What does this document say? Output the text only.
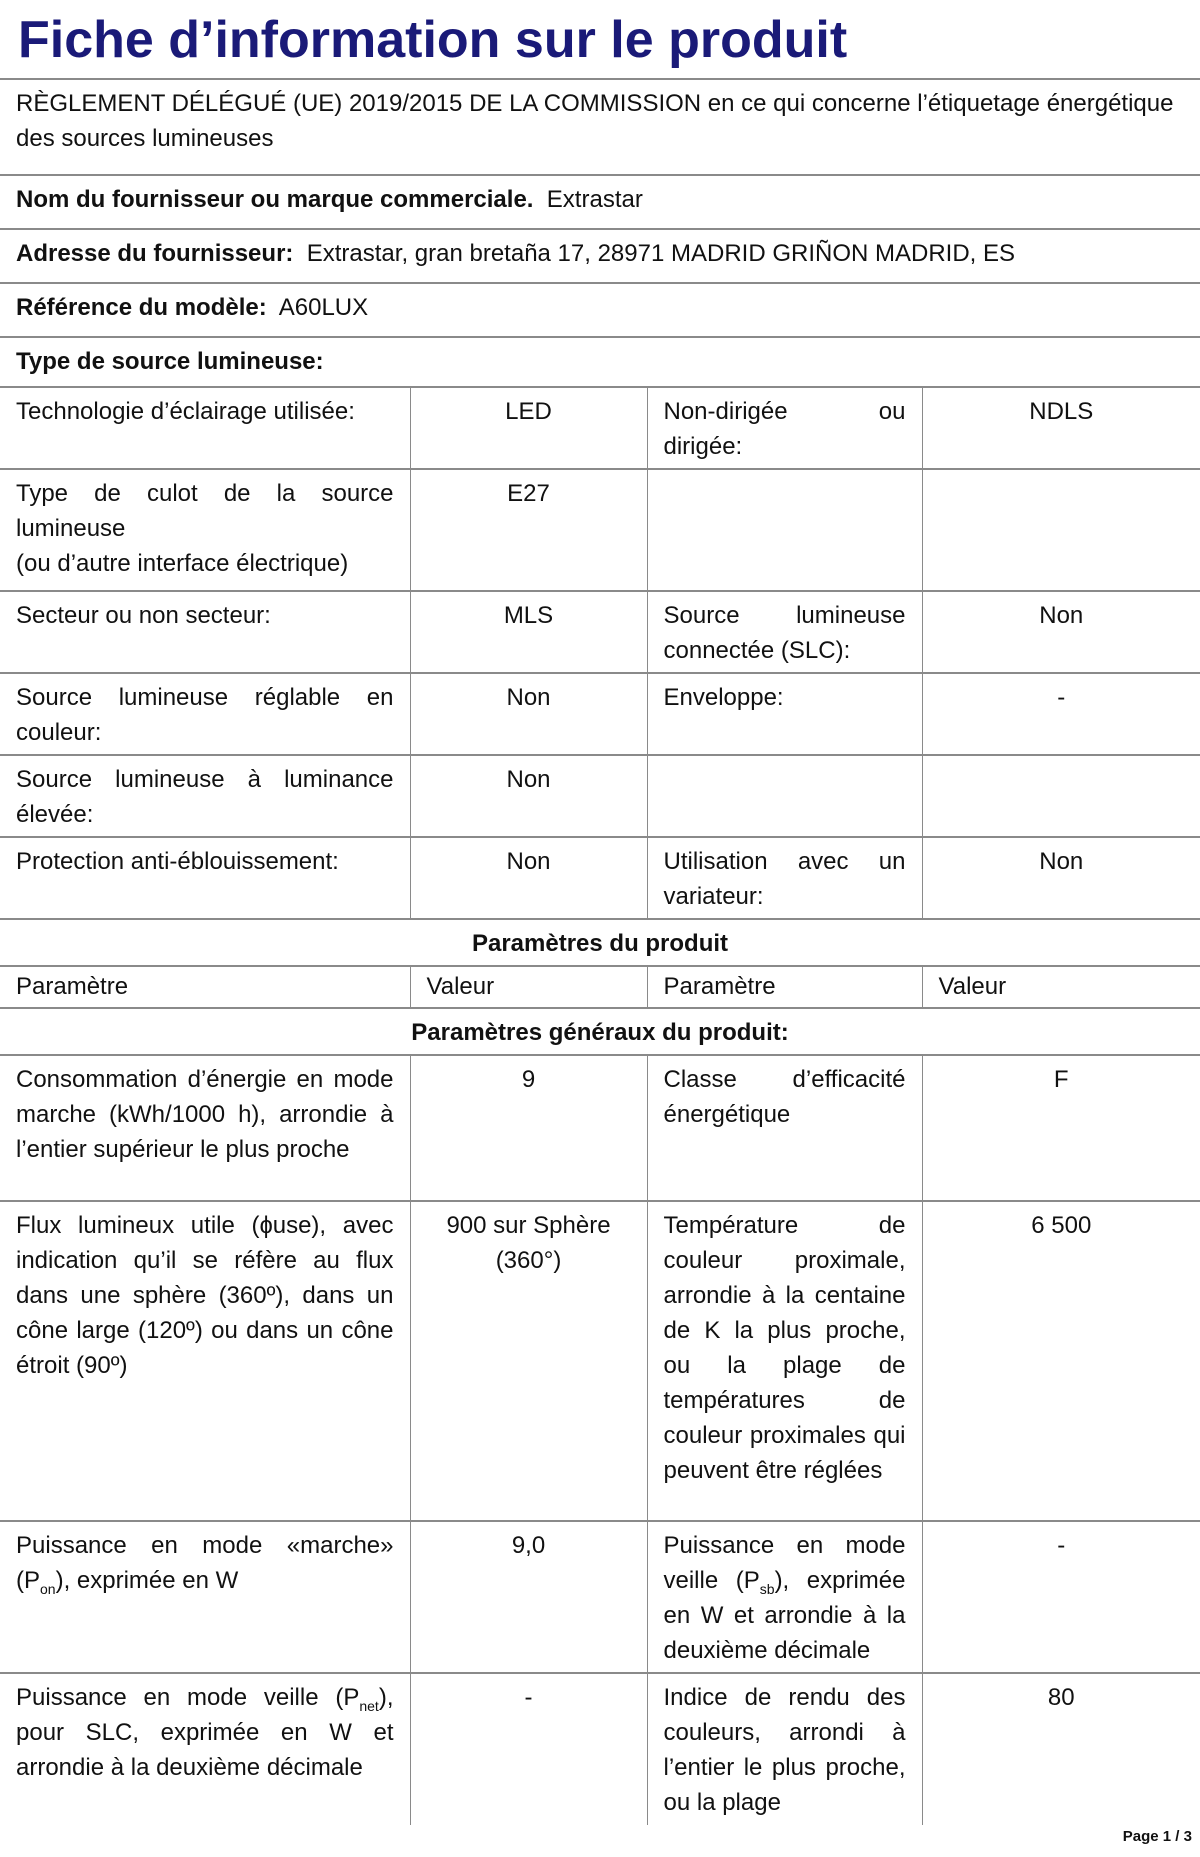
Fiche d’information sur le produit
RÈGLEMENT DÉLÉGUÉ (UE) 2019/2015 DE LA COMMISSION en ce qui concerne l’étiquetage énergétique des sources lumineuses			
Nom du fournisseur ou marque commerciale. Extrastar			
Adresse du fournisseur: Extrastar, gran bretaña 17, 28971 MADRID GRIÑON MADRID, ES			
Référence du modèle: A60LUX			
Type de source lumineuse:			
Technologie d’éclairage utilisée:	LED	Non-dirigée ou dirigée:	NDLS

Type de culot de la source lumineuse
(ou d’autre interface électrique)	E27		
Secteur ou non secteur:	MLS	Source lumineuse connectée (SLC):	Non
Source lumineuse réglable en couleur:	Non	Enveloppe:	-
Source lumineuse à luminance élevée:	Non		
Protection anti-éblouissement:	Non	Utilisation avec un variateur:	Non
Paramètres du produit			
Paramètre	Valeur	Paramètre	Valeur
Paramètres généraux du produit:			
Consommation d’énergie en mode marche (kWh/1000 h), arrondie à l’entier supérieur le plus proche	9	Classe d’efficacité énergétique	F
Flux lumineux utile (ɸuse), avec indication qu’il se réfère au flux dans une sphère (360º), dans un cône large (120º) ou dans un cône étroit (90º)	900 sur Sphère (360°)	Température de couleur proximale, arrondie à la centaine de K la plus proche, ou la plage de températures de couleur proximales qui peuvent être réglées	6 500
Puissance en mode «marche» $(P_{on})$, exprimée en W	9,0	Puissance en mode veille $(P_{sb})$, exprimée en W et arrondie à la deuxième décimale	-
Puissance en mode veille $(P_{net})$, pour SLC, exprimée en W et arrondie à la deuxième décimale	-	Indice de rendu des couleurs, arrondi à l’entier le plus proche, ou la plage	80
Page 1 / 3
